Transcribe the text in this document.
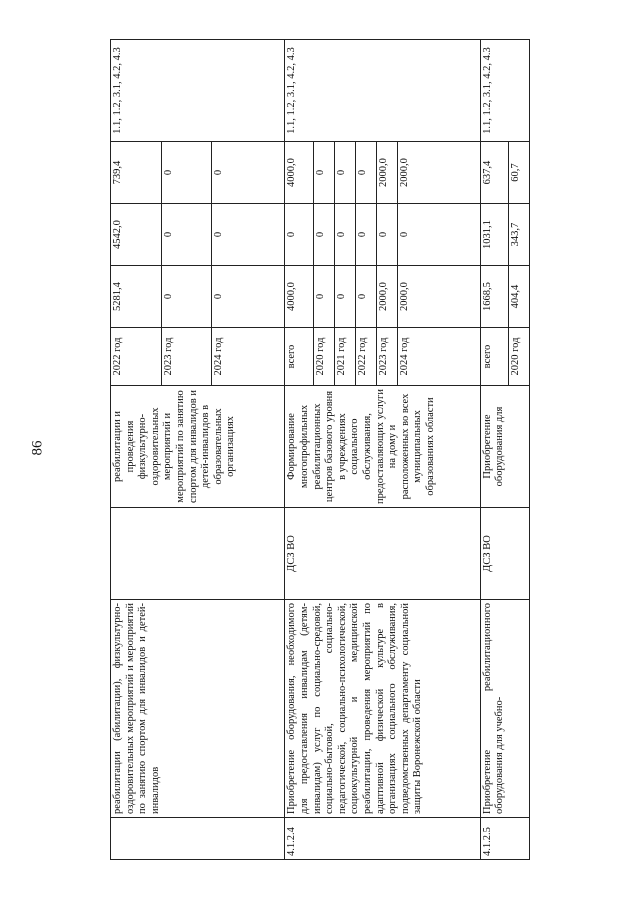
86
	реабилитации (абилитации), физкультурно-оздоровительных мероприятий и мероприятий по занятию спортом для инвалидов и детей-инвалидов		реабилитации и проведения физкультурно-оздоровительных мероприятий и мероприятий по занятию спортом для инвалидов и детей-инвалидов в образовательных организациях	2022 год	5281,4	4542,0	739,4	1.1, 1.2, 3.1, 4.2, 4.3
				2023 год	0	0	0	
				2024 год	0	0	0	
4.1.2.4	Приобретение оборудования, необходимого для предоставления инвалидам (детям-инвалидам) услуг по социально-средовой, социально-бытовой, социально-педагогической, социально-психологической, социокультурной и медицинской реабилитации, проведения мероприятий по адаптивной физической культуре в организациях социального обслуживания, подведомственных департаменту социальной защиты Воронежской области	ДСЗ ВО	Формирование многопрофильных реабилитационных центров базового уровня в учреждениях социального обслуживания, предоставляющих услуги на дому и расположенных во всех муниципальных образованиях области	всего	4000,0	0	4000,0	1.1, 1.2, 3.1, 4.2, 4.3
				2020 год	0	0	0	
				2021 год	0	0	0	
				2022 год	0	0	0	
				2023 год	2000,0	0	2000,0	
				2024 год	2000,0	0	2000,0	
4.1.2.5	Приобретение реабилитационного оборудования для учебно-	ДСЗ ВО	Приобретение оборудования для	всего	1668,5	1031,1	637,4	1.1, 1.2, 3.1, 4.2, 4.3
				2020 год	404,4	343,7	60,7	
